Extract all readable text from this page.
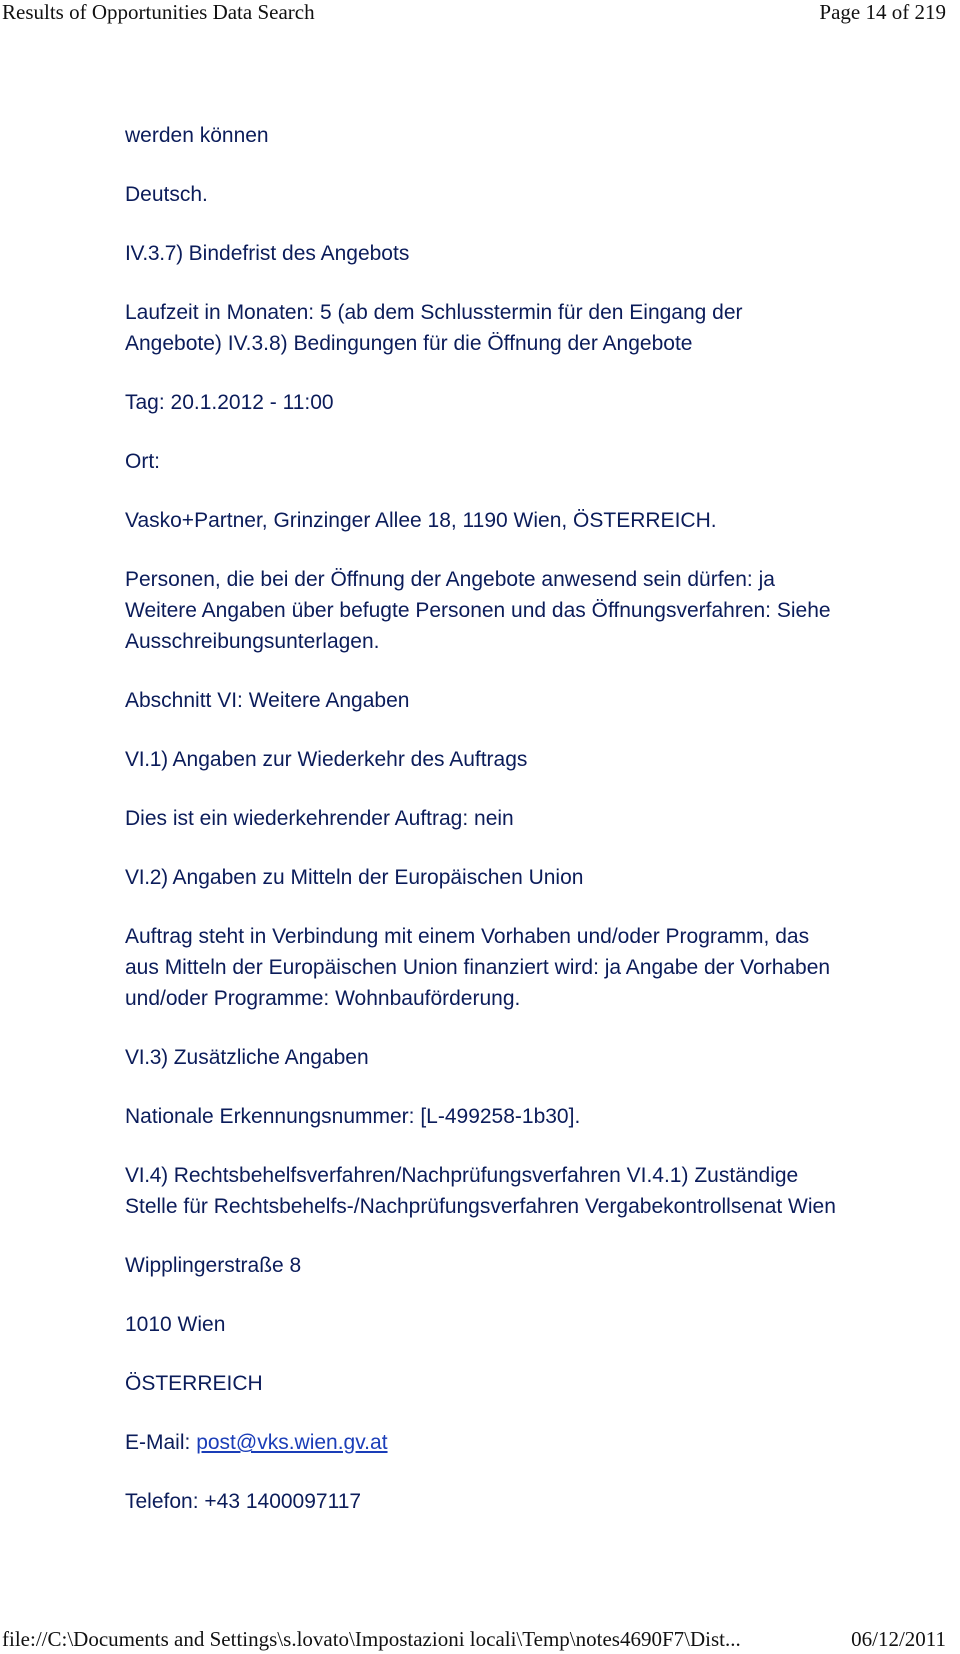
Results of Opportunities Data Search	Page 14 of 219

werden können

Deutsch.

IV.3.7) Bindefrist des Angebots

Laufzeit in Monaten: 5 (ab dem Schlusstermin für den Eingang der
Angebote) IV.3.8) Bedingungen für die Öffnung der Angebote

Tag: 20.1.2012 - 11:00

Ort:

Vasko+Partner, Grinzinger Allee 18, 1190 Wien, ÖSTERREICH.

Personen, die bei der Öffnung der Angebote anwesend sein dürfen: ja
Weitere Angaben über befugte Personen und das Öffnungsverfahren: Siehe
Ausschreibungsunterlagen.

Abschnitt VI: Weitere Angaben

VI.1) Angaben zur Wiederkehr des Auftrags

Dies ist ein wiederkehrender Auftrag: nein

VI.2) Angaben zu Mitteln der Europäischen Union

Auftrag steht in Verbindung mit einem Vorhaben und/oder Programm, das
aus Mitteln der Europäischen Union finanziert wird: ja Angabe der Vorhaben
und/oder Programme: Wohnbauförderung.

VI.3) Zusätzliche Angaben

Nationale Erkennungsnummer: [L-499258-1b30].

VI.4) Rechtsbehelfsverfahren/Nachprüfungsverfahren VI.4.1) Zuständige
Stelle für Rechtsbehelfs-/Nachprüfungsverfahren Vergabekontrollsenat Wien

Wipplingerstraße 8

1010 Wien

ÖSTERREICH

E-Mail: post@vks.wien.gv.at

Telefon: +43 1400097117

file://C:\Documents and Settings\s.lovato\Impostazioni locali\Temp\notes4690F7\Dist...	06/12/2011
